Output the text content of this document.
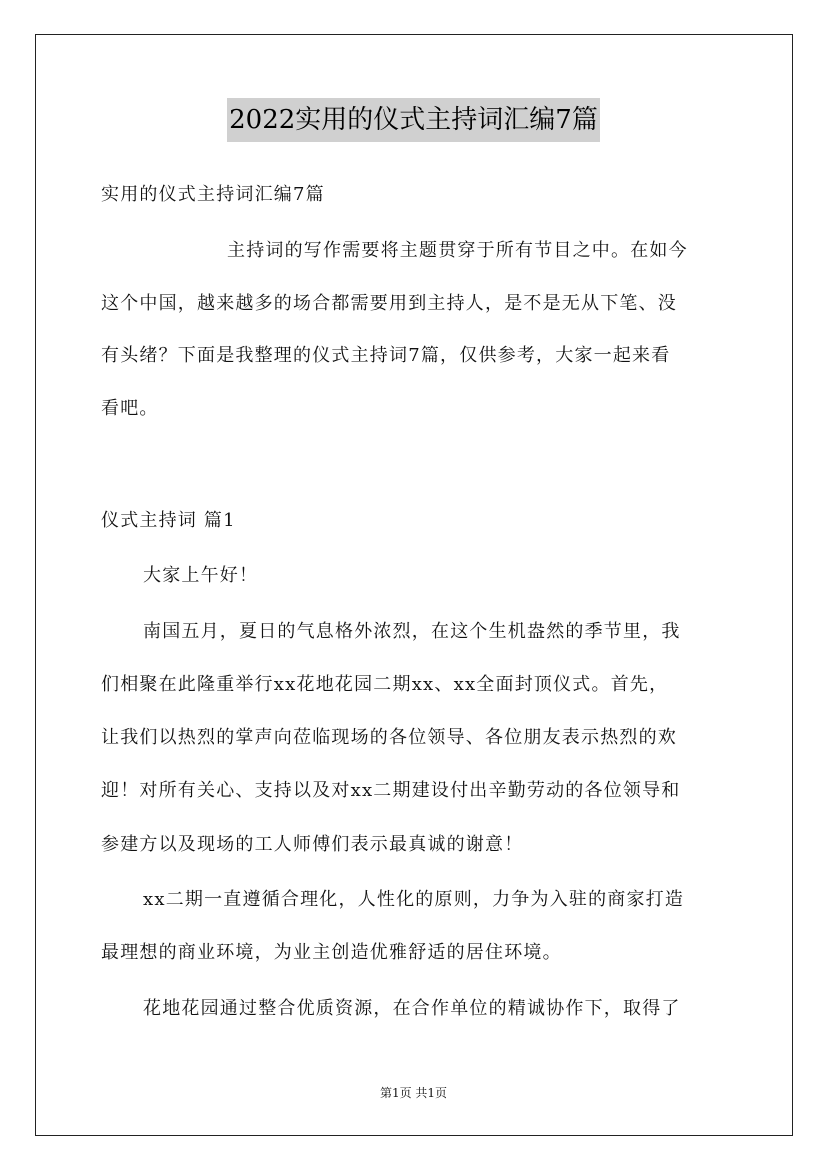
2022实用的仪式主持词汇编7篇
实用的仪式主持词汇编7篇
主持词的写作需要将主题贯穿于所有节目之中。在如今
这个中国，越来越多的场合都需要用到主持人，是不是无从下笔、没
有头绪？下面是我整理的仪式主持词7篇，仅供参考，大家一起来看
看吧。
仪式主持词 篇1
大家上午好！
南国五月，夏日的气息格外浓烈，在这个生机盎然的季节里，我
们相聚在此隆重举行xx花地花园二期xx、xx全面封顶仪式。首先，
让我们以热烈的掌声向莅临现场的各位领导、各位朋友表示热烈的欢
迎！对所有关心、支持以及对xx二期建设付出辛勤劳动的各位领导和
参建方以及现场的工人师傅们表示最真诚的谢意！
xx二期一直遵循合理化，人性化的原则，力争为入驻的商家打造
最理想的商业环境，为业主创造优雅舒适的居住环境。
花地花园通过整合优质资源，在合作单位的精诚协作下，取得了
第1页 共1页
